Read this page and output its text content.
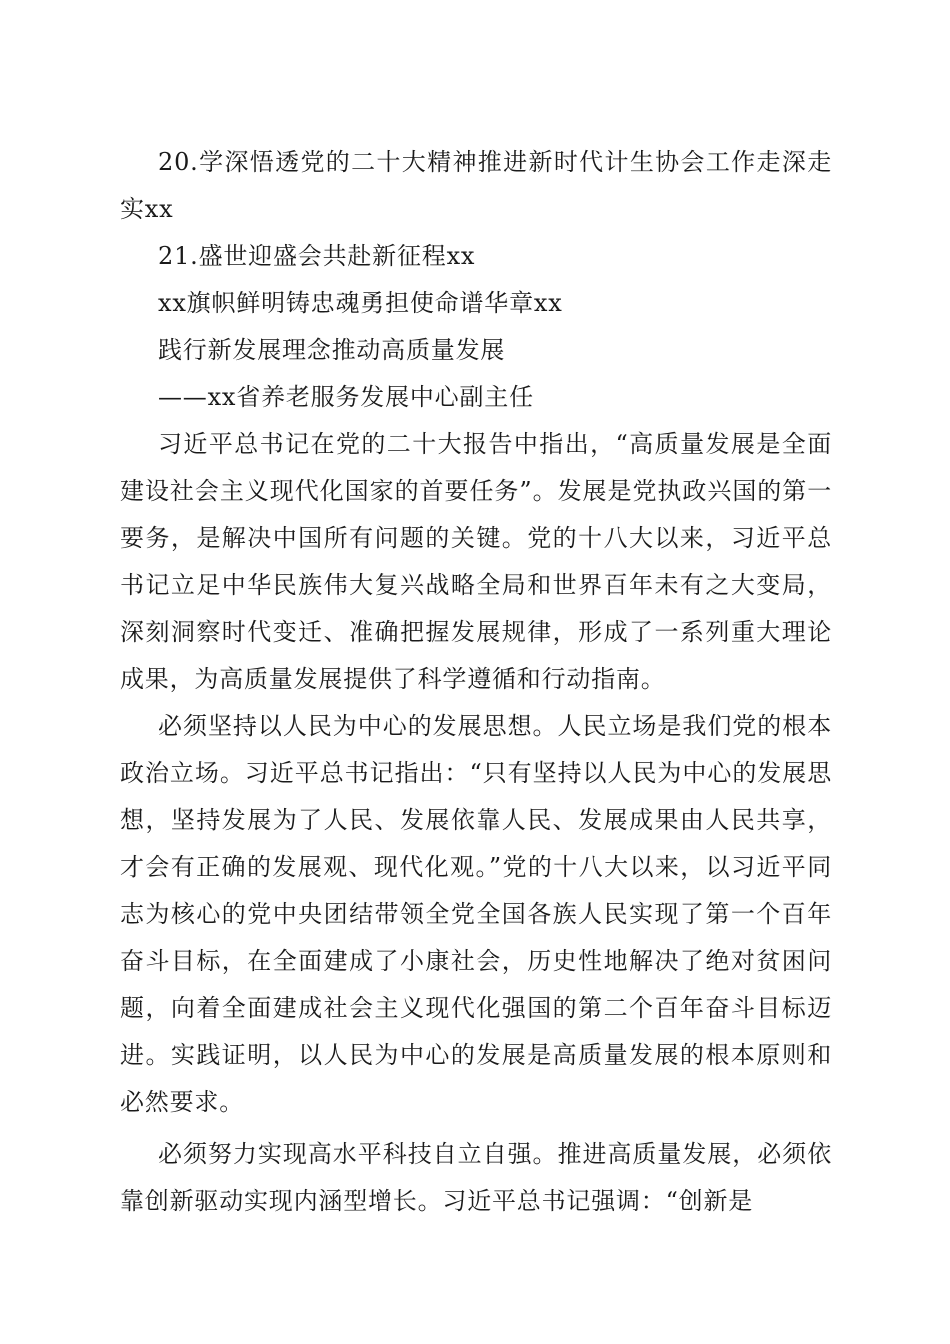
20.学深悟透党的二十大精神推进新时代计生协会工作走深走实xx

21.盛世迎盛会共赴新征程xx

xx旗帜鲜明铸忠魂勇担使命谱华章xx

践行新发展理念推动高质量发展

——xx省养老服务发展中心副主任

习近平总书记在党的二十大报告中指出，“高质量发展是全面建设社会主义现代化国家的首要任务”。发展是党执政兴国的第一要务，是解决中国所有问题的关键。党的十八大以来，习近平总书记立足中华民族伟大复兴战略全局和世界百年未有之大变局，深刻洞察时代变迁、准确把握发展规律，形成了一系列重大理论成果，为高质量发展提供了科学遵循和行动指南。

必须坚持以人民为中心的发展思想。人民立场是我们党的根本政治立场。习近平总书记指出：“只有坚持以人民为中心的发展思想，坚持发展为了人民、发展依靠人民、发展成果由人民共享，才会有正确的发展观、现代化观。”党的十八大以来，以习近平同志为核心的党中央团结带领全党全国各族人民实现了第一个百年奋斗目标，在全面建成了小康社会，历史性地解决了绝对贫困问题，向着全面建成社会主义现代化强国的第二个百年奋斗目标迈进。实践证明，以人民为中心的发展是高质量发展的根本原则和必然要求。

必须努力实现高水平科技自立自强。推进高质量发展，必须依靠创新驱动实现内涵型增长。习近平总书记强调：“创新是
